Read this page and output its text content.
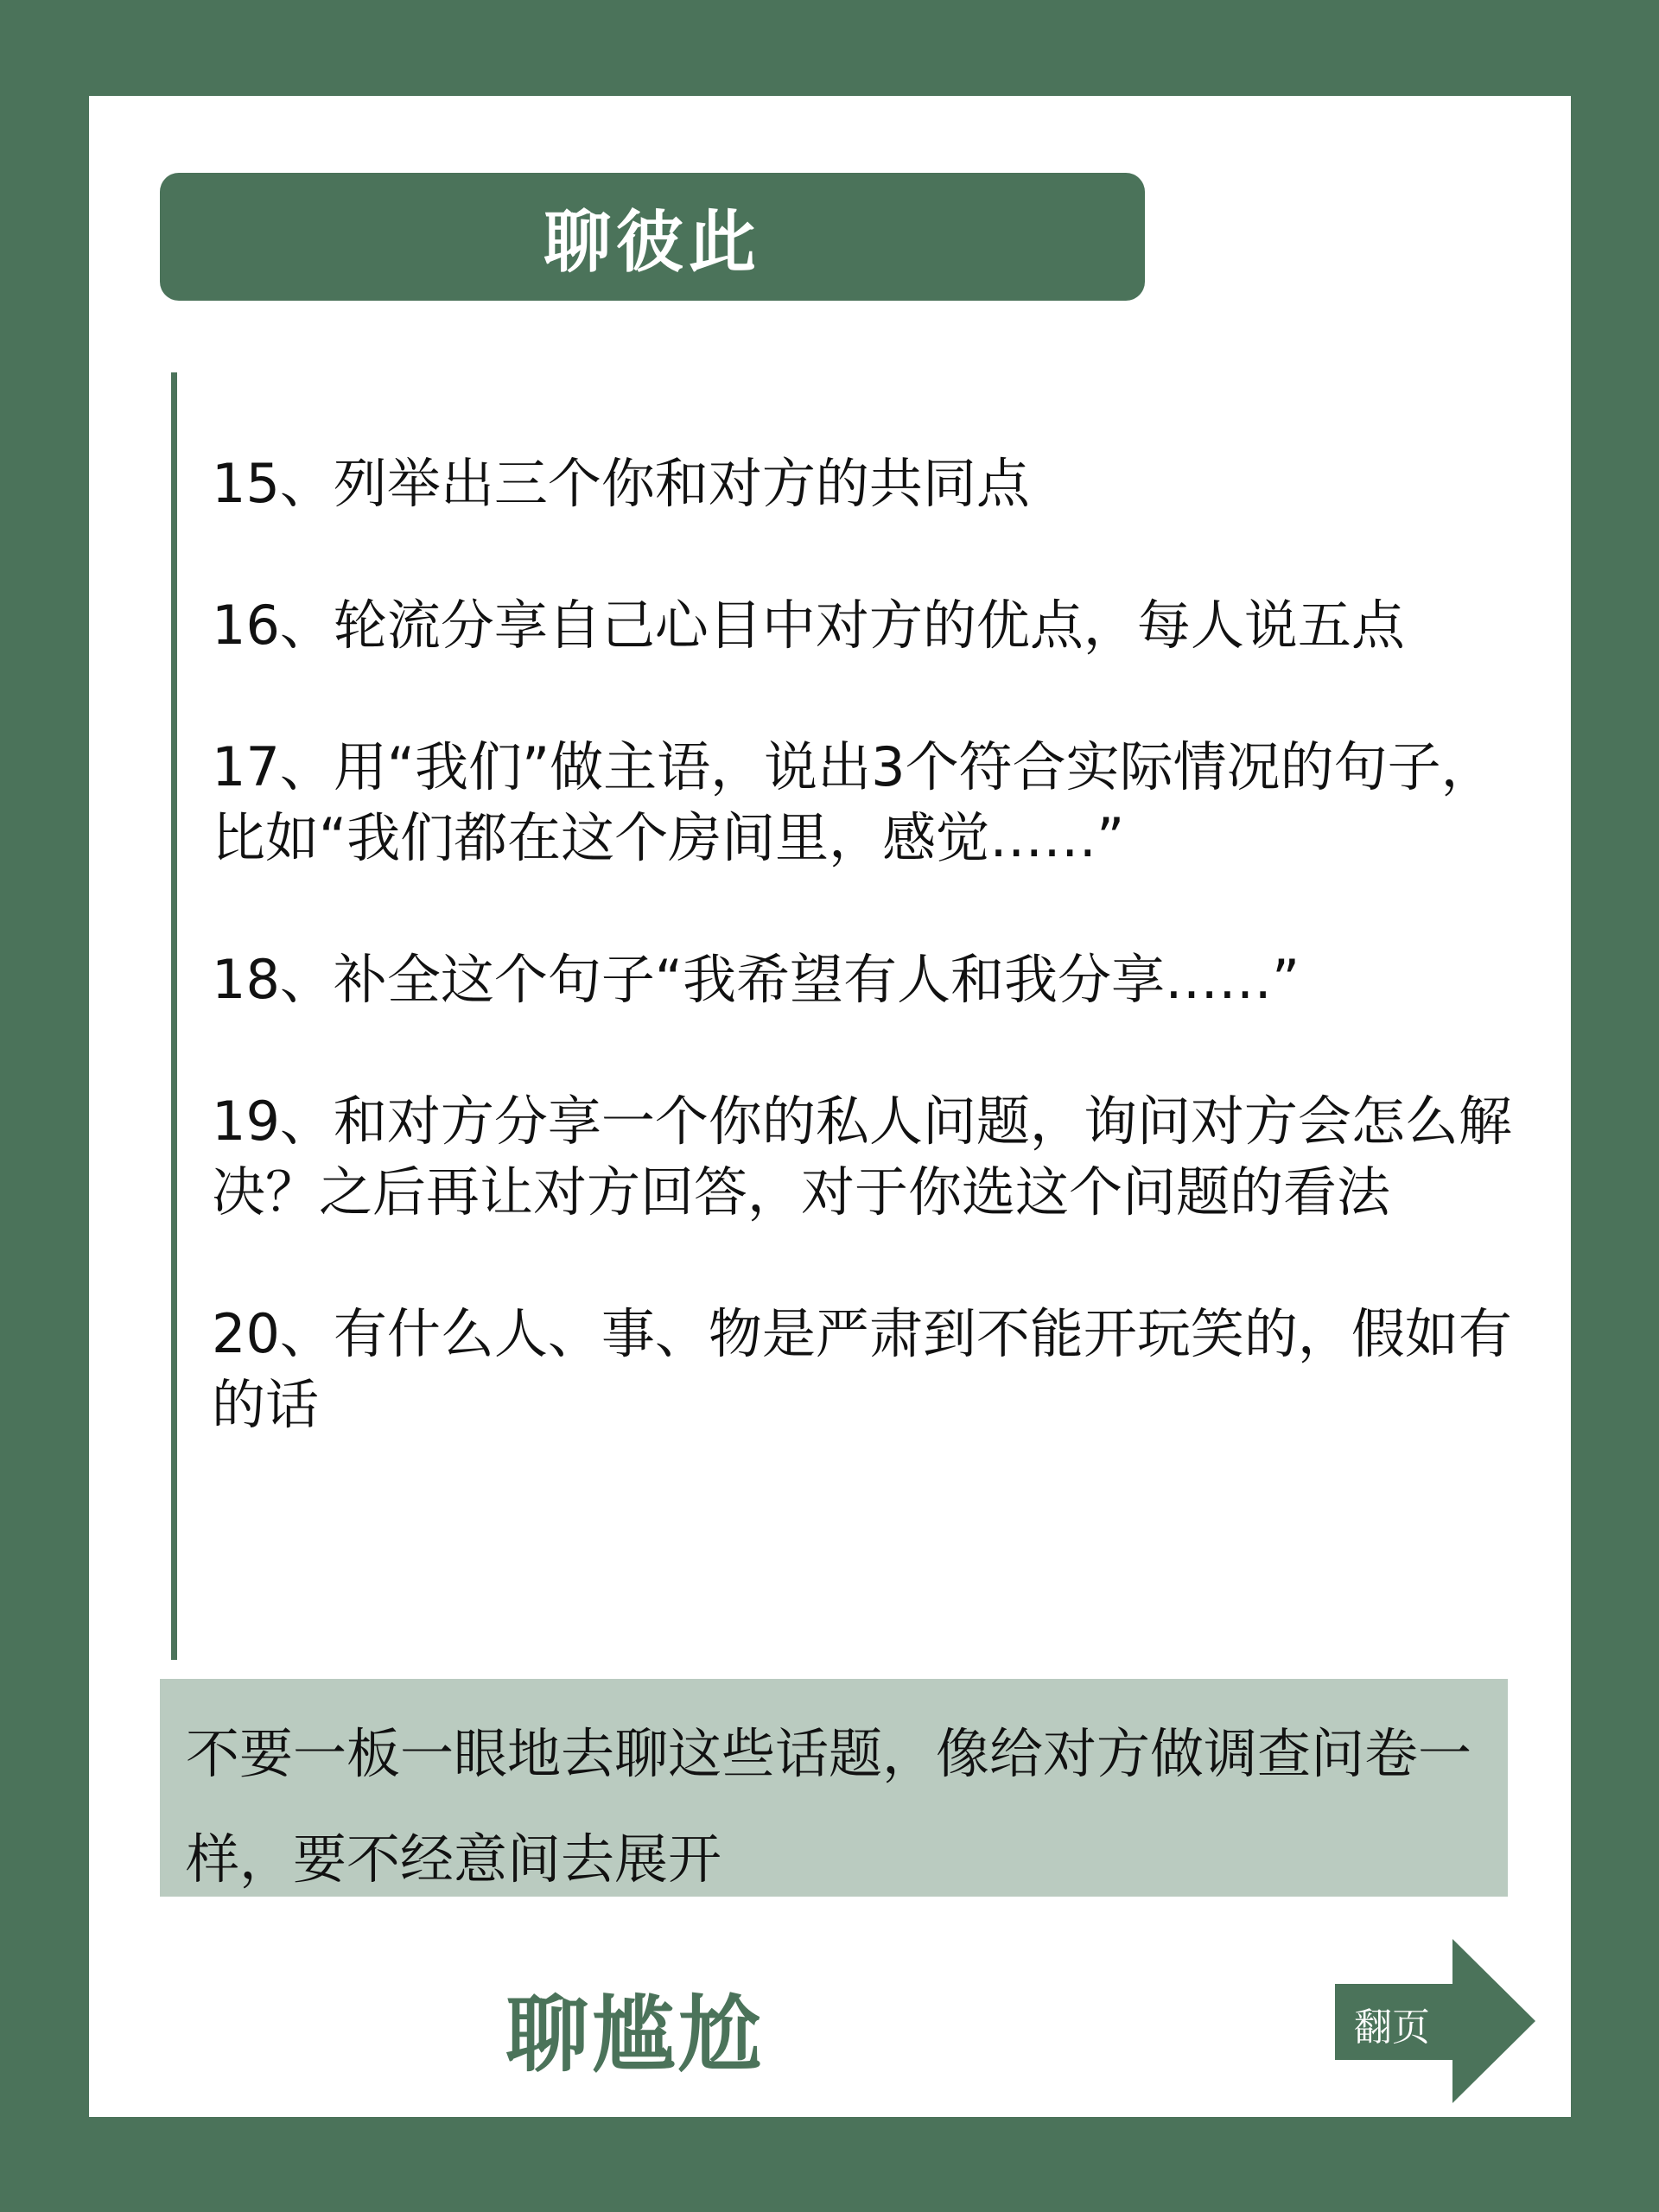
聊彼此
15、列举出三个你和对方的共同点
16、轮流分享自己心目中对方的优点，每人说五点
17、用“我们”做主语，说出3个符合实际情况的句子，比如“我们都在这个房间里，感觉……”
18、补全这个句子“我希望有人和我分享……”
19、和对方分享一个你的私人问题，询问对方会怎么解决？之后再让对方回答，对于你选这个问题的看法
20、有什么人、事、物是严肃到不能开玩笑的，假如有的话

不要一板一眼地去聊这些话题，像给对方做调查问卷一样，要不经意间去展开

聊尴尬	翻页
